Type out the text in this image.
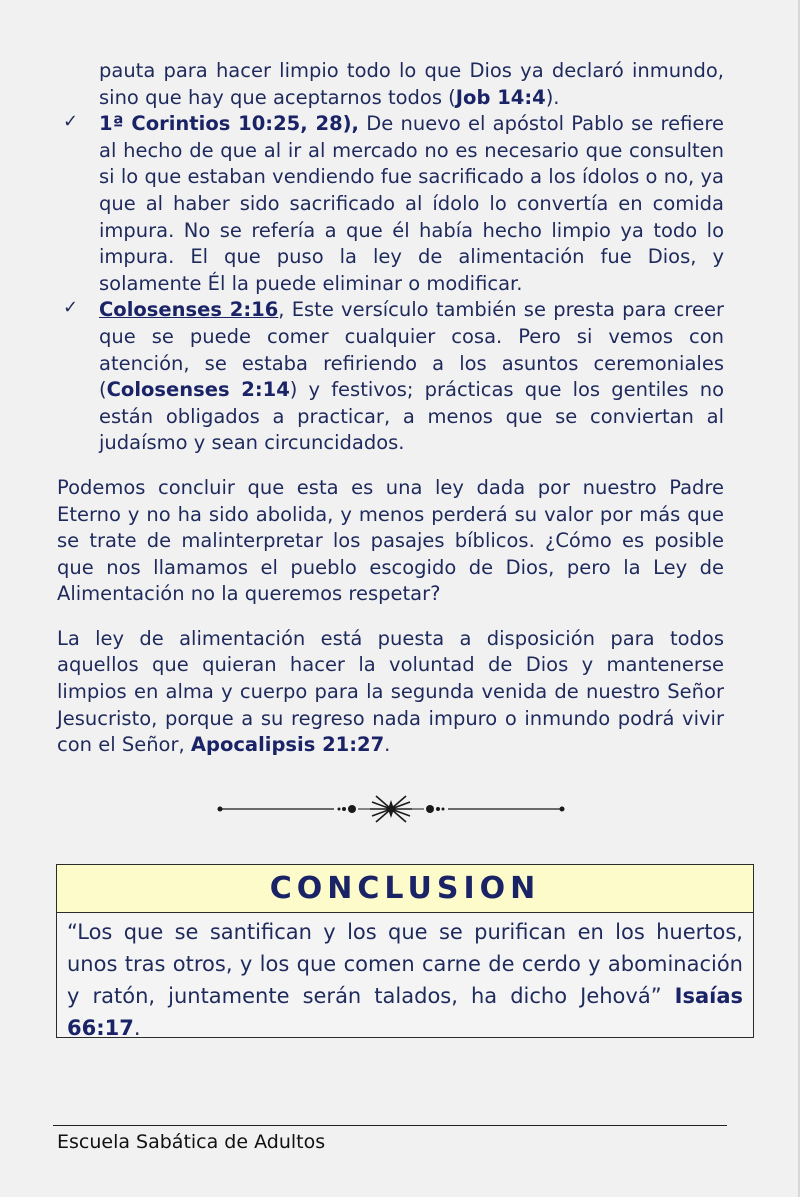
pauta para hacer limpio todo lo que Dios ya declaró inmundo, sino que hay que aceptarnos todos (Job 14:4).

✓ 1ª Corintios 10:25, 28), De nuevo el apóstol Pablo se refiere al hecho de que al ir al mercado no es necesario que consulten si lo que estaban vendiendo fue sacrificado a los ídolos o no, ya que al haber sido sacrificado al ídolo lo convertía en comida impura. No se refería a que él había hecho limpio ya todo lo impura. El que puso la ley de alimentación fue Dios, y solamente Él la puede eliminar o modificar.

✓ Colosenses 2:16, Este versículo también se presta para creer que se puede comer cualquier cosa. Pero si vemos con atención, se estaba refiriendo a los asuntos ceremoniales (Colosenses 2:14) y festivos; prácticas que los gentiles no están obligados a practicar, a menos que se conviertan al judaísmo y sean circuncidados.

Podemos concluir que esta es una ley dada por nuestro Padre Eterno y no ha sido abolida, y menos perderá su valor por más que se trate de malinterpretar los pasajes bíblicos. ¿Cómo es posible que nos llamamos el pueblo escogido de Dios, pero la Ley de Alimentación no la queremos respetar?

La ley de alimentación está puesta a disposición para todos aquellos que quieran hacer la voluntad de Dios y mantenerse limpios en alma y cuerpo para la segunda venida de nuestro Señor Jesucristo, porque a su regreso nada impuro o inmundo podrá vivir con el Señor, Apocalipsis 21:27.

CONCLUSION

“Los que se santifican y los que se purifican en los huertos, unos tras otros, y los que comen carne de cerdo y abominación y ratón, juntamente serán talados, ha dicho Jehová” Isaías 66:17.

Escuela Sabática de Adultos
